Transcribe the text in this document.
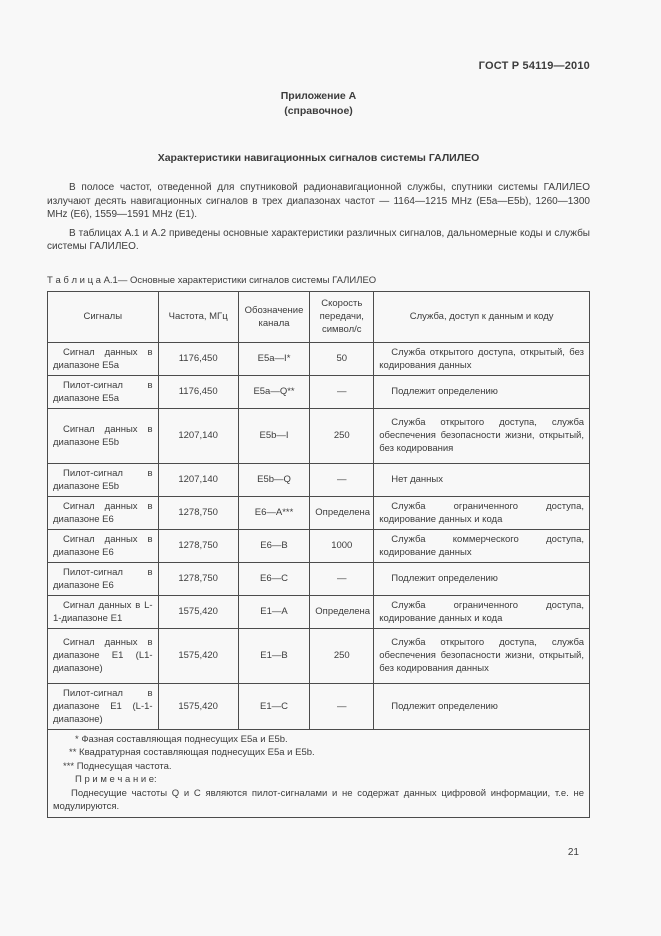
ГОСТ Р 54119—2010
Приложение А
(справочное)
Характеристики навигационных сигналов системы ГАЛИЛЕО

В полосе частот, отведенной для спутниковой радионавигационной службы, спутники системы ГАЛИЛЕО излучают десять навигационных сигналов в трех диапазонах частот — 1164—1215 MHz (Е5а—Е5b), 1260—1300 MHz (Е6), 1559—1591 MHz (Е1).

В таблицах А.1 и А.2 приведены основные характеристики различных сигналов, дальномерные коды и службы системы ГАЛИЛЕО.

Т а б л и ц а А.1— Основные характеристики сигналов системы ГАЛИЛЕО
Сигналы	Частота, МГц	Обозначение канала	Скорость передачи, символ/с	Служба, доступ к данным и коду
Сигнал данных в диапазоне Е5а	1176,450	Е5а—I*	50	Служба открытого доступа, открытый, без кодирования данных
Пилот-сигнал в диапазоне Е5а	1176,450	Е5а—Q**	—	Подлежит определению
Сигнал данных в диапазоне Е5b	1207,140	Е5b—I	250	Служба открытого доступа, служба обеспечения безопасности жизни, открытый, без кодирования
Пилот-сигнал в диапазоне Е5b	1207,140	Е5b—Q	—	Нет данных
Сигнал данных в диапазоне Е6	1278,750	Е6—А***	Определена	Служба ограниченного доступа, кодирование данных и кода
Сигнал данных в диапазоне Е6	1278,750	Е6—В	1000	Служба коммерческого доступа, кодирование данных
Пилот-сигнал в диапазоне Е6	1278,750	Е6—С	—	Подлежит определению
Сигнал данных в L-1-диапазоне Е1	1575,420	Е1—А	Определена	Служба ограниченного доступа, кодирование данных и кода
Сигнал данных в диапазоне Е1 (L1-диапазоне)	1575,420	Е1—В	250	Служба открытого доступа, служба обеспечения безопасности жизни, открытый, без кодирования данных
Пилот-сигнал в диапазоне Е1 (L-1-диапазоне)	1575,420	Е1—С	—	Подлежит определению

* Фазная составляющая поднесущих Е5а и Е5b.
** Квадратурная составляющая поднесущих Е5а и Е5b.
*** Поднесущая частота.
П р и м е ч а н и е:

Поднесущие частоты Q и С являются пилот-сигналами и не содержат данных цифровой информации, т.е. не модулируются.				

21
